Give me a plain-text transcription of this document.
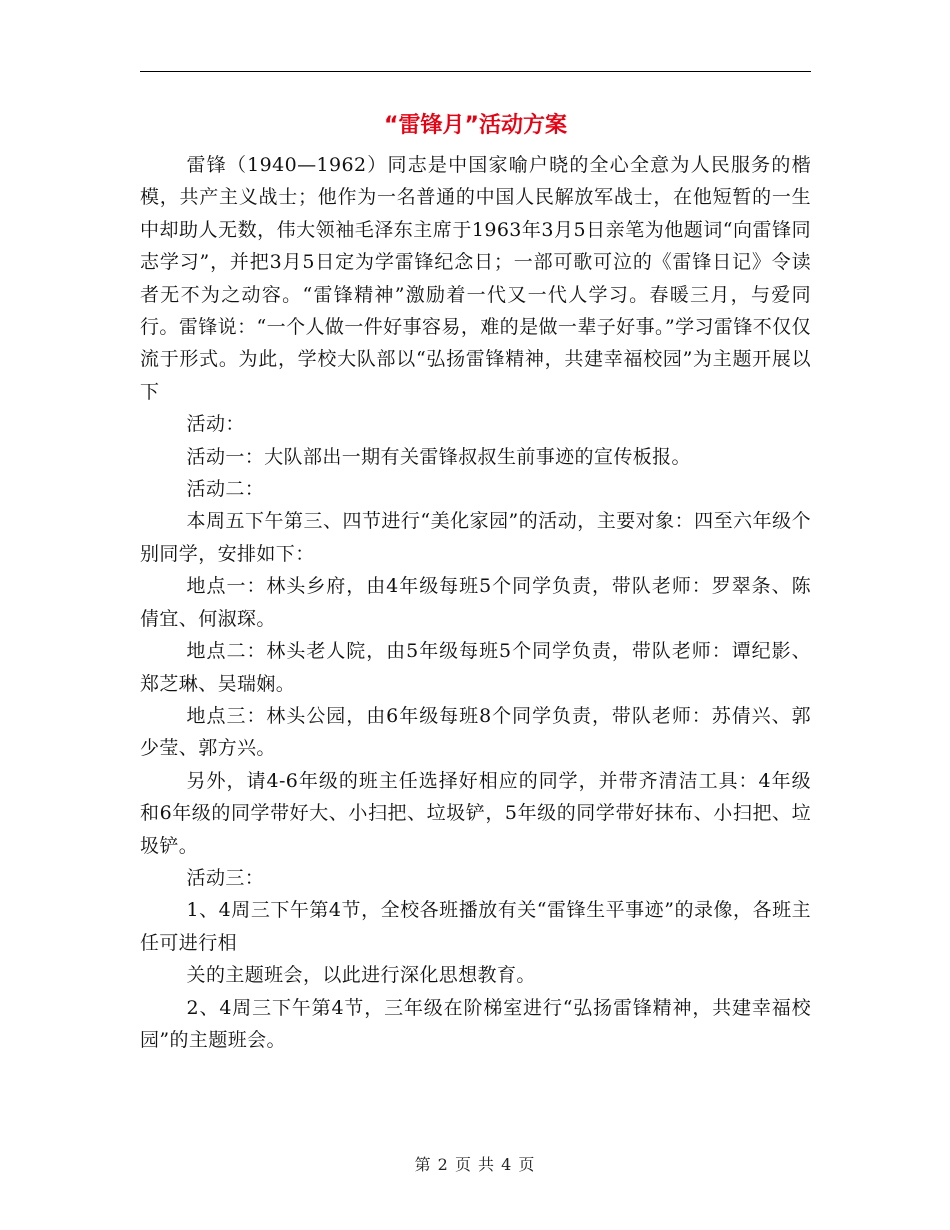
“雷锋月”活动方案

雷锋（1940—1962）同志是中国家喻户晓的全心全意为人民服务的楷模，共产主义战士；他作为一名普通的中国人民解放军战士，在他短暂的一生中却助人无数，伟大领袖毛泽东主席于1963年3月5日亲笔为他题词“向雷锋同志学习”，并把3月5日定为学雷锋纪念日；一部可歌可泣的《雷锋日记》令读者无不为之动容。“雷锋精神”激励着一代又一代人学习。春暖三月，与爱同行。雷锋说：“一个人做一件好事容易，难的是做一辈子好事。”学习雷锋不仅仅流于形式。为此，学校大队部以“弘扬雷锋精神，共建幸福校园”为主题开展以下

活动：

活动一：大队部出一期有关雷锋叔叔生前事迹的宣传板报。

活动二：

本周五下午第三、四节进行“美化家园”的活动，主要对象：四至六年级个别同学，安排如下：

地点一：林头乡府，由4年级每班5个同学负责，带队老师：罗翠条、陈倩宜、何淑琛。

地点二：林头老人院，由5年级每班5个同学负责，带队老师：谭纪影、郑芝琳、吴瑞娴。

地点三：林头公园，由6年级每班8个同学负责，带队老师：苏倩兴、郭少莹、郭方兴。

另外，请4-6年级的班主任选择好相应的同学，并带齐清洁工具：4年级和6年级的同学带好大、小扫把、垃圾铲，5年级的同学带好抹布、小扫把、垃圾铲。

活动三：

1、4周三下午第4节，全校各班播放有关“雷锋生平事迹”的录像，各班主任可进行相

关的主题班会，以此进行深化思想教育。

2、4周三下午第4节，三年级在阶梯室进行“弘扬雷锋精神，共建幸福校园”的主题班会。

第 2 页 共 4 页
